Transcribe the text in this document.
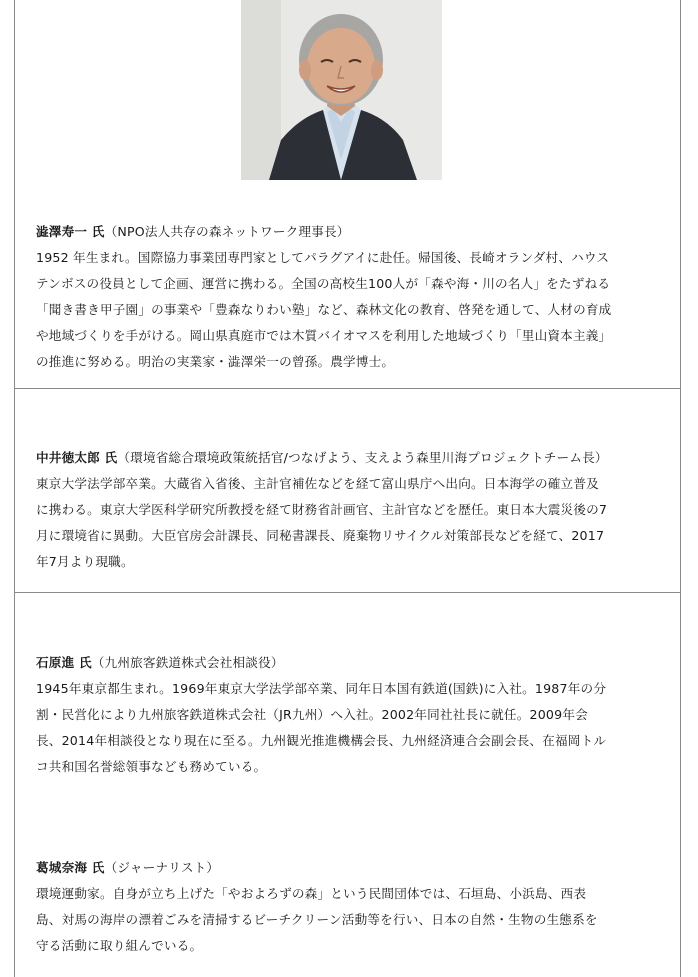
澁澤寿一 氏（NPO法人共存の森ネットワーク理事長）
1952 年生まれ。国際協力事業団専門家としてパラグアイに赴任。帰国後、長崎オランダ村、ハウス
テンボスの役員として企画、運営に携わる。全国の高校生100人が「森や海・川の名人」をたずねる
「聞き書き甲子園」の事業や「豊森なりわい塾」など、森林文化の教育、啓発を通して、人材の育成
や地域づくりを手がける。岡山県真庭市では木質バイオマスを利用した地域づくり「里山資本主義」
の推進に努める。明治の実業家・澁澤栄一の曾孫。農学博士。
中井徳太郎 氏（環境省総合環境政策統括官/つなげよう、支えよう森里川海プロジェクトチーム長）
東京大学法学部卒業。大蔵省入省後、主計官補佐などを経て富山県庁へ出向。日本海学の確立普及
に携わる。東京大学医科学研究所教授を経て財務省計画官、主計官などを歴任。東日本大震災後の7
月に環境省に異動。大臣官房会計課長、同秘書課長、廃棄物リサイクル対策部長などを経て、2017
年7月より現職。
石原進 氏（九州旅客鉄道株式会社相談役）
1945年東京都生まれ。1969年東京大学法学部卒業、同年日本国有鉄道(国鉄)に入社。1987年の分
割・民営化により九州旅客鉄道株式会社（JR九州）へ入社。2002年同社社長に就任。2009年会
長、2014年相談役となり現在に至る。九州観光推進機構会長、九州経済連合会副会長、在福岡トル
コ共和国名誉総領事なども務めている。
葛城奈海 氏（ジャーナリスト）
環境運動家。自身が立ち上げた「やおよろずの森」という民間団体では、石垣島、小浜島、西表
島、対馬の海岸の漂着ごみを清掃するビーチクリーン活動等を行い、日本の自然・生物の生態系を
守る活動に取り組んでいる。
